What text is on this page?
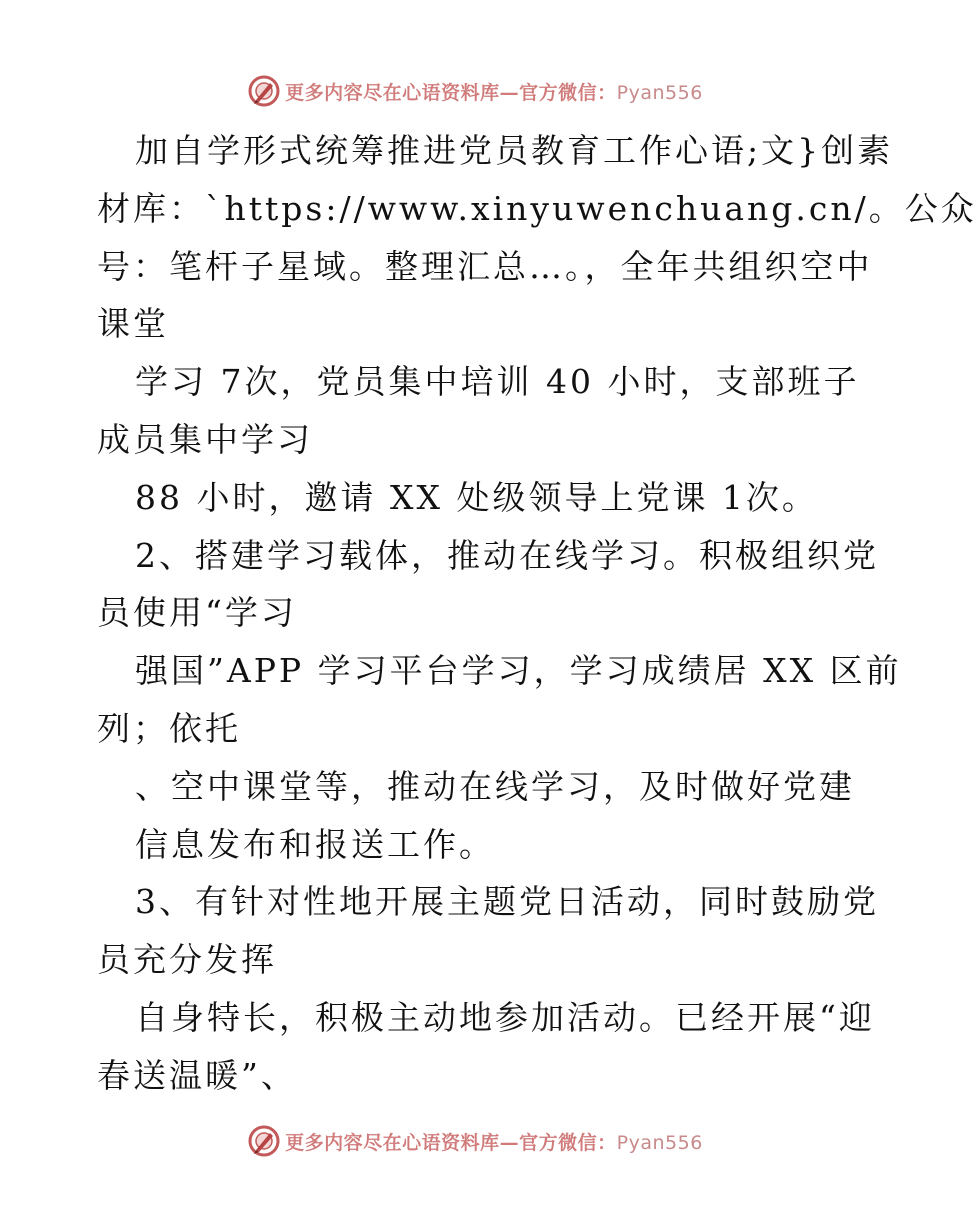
更多内容尽在心语资料库—官方微信：Pyan556
加自学形式统筹推进党员教育工作心语;文}创素
材库：`https://www.xinyuwenchuang.cn/。公众
号：笔杆子星域。整理汇总…。，全年共组织空中
课堂
学习 7次，党员集中培训 40 小时，支部班子
成员集中学习
88 小时，邀请 XX 处级领导上党课 1次。
2、搭建学习载体，推动在线学习。积极组织党
员使用“学习
强国”APP 学习平台学习，学习成绩居 XX 区前
列；依托
、空中课堂等，推动在线学习，及时做好党建
信息发布和报送工作。
3、有针对性地开展主题党日活动，同时鼓励党
员充分发挥
自身特长，积极主动地参加活动。已经开展“迎
春送温暖”、
更多内容尽在心语资料库—官方微信：Pyan556
